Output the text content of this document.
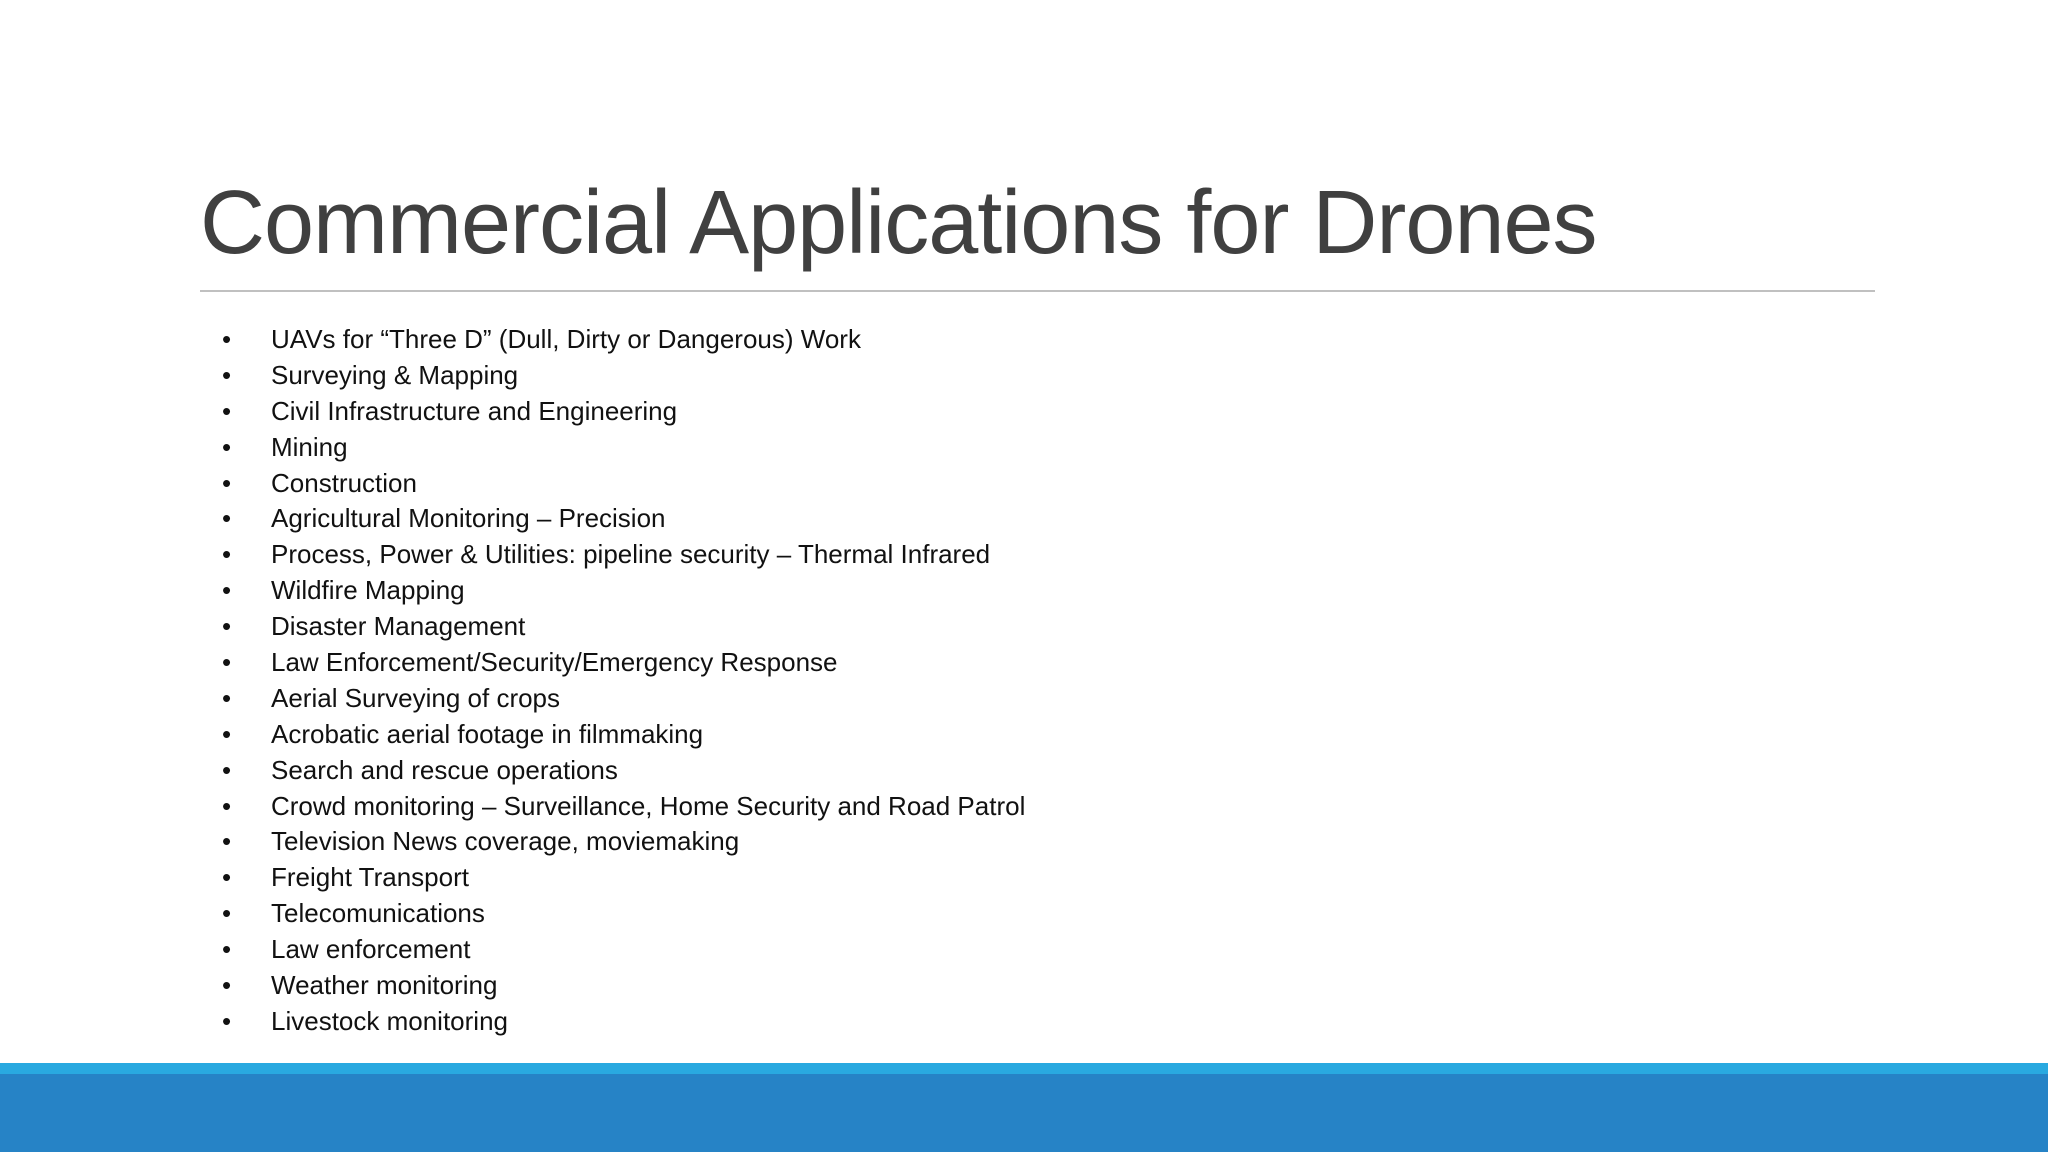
Commercial Applications for Drones
• UAVs for “Three D” (Dull, Dirty or Dangerous) Work
• Surveying & Mapping
• Civil Infrastructure and Engineering
• Mining
• Construction
• Agricultural Monitoring – Precision
• Process, Power & Utilities: pipeline security – Thermal Infrared
• Wildfire Mapping
• Disaster Management
• Law Enforcement/Security/Emergency Response
• Aerial Surveying of crops
• Acrobatic aerial footage in filmmaking
• Search and rescue operations
• Crowd monitoring – Surveillance, Home Security and Road Patrol
• Television News coverage, moviemaking
• Freight Transport
• Telecomunications
• Law enforcement
• Weather monitoring
• Livestock monitoring
